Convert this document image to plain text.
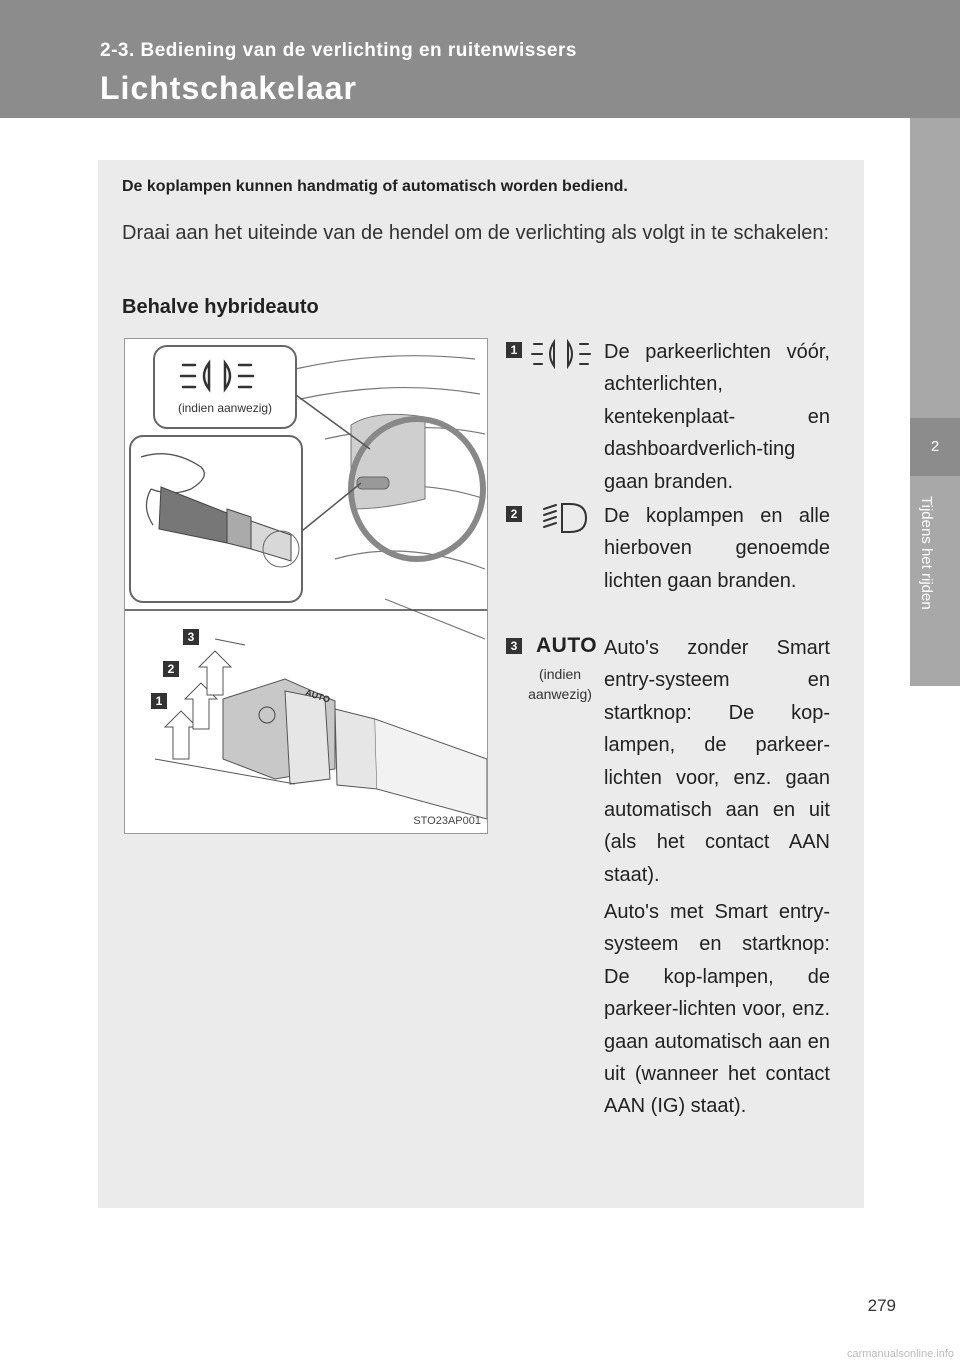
2-3. Bediening van de verlichting en ruitenwissers
Lichtschakelaar
2
Tijdens het rijden
De koplampen kunnen handmatig of automatisch worden bediend.
Draai aan het uiteinde van de hendel om de verlichting als volgt in te schakelen:
Behalve hybrideauto
3
2
1	AUTO
(indien aanwezig)
STO23AP001
1	De parkeerlichten vóór, achterlichten, kentekenplaat- en dashboardverlich-ting gaan branden.
2	De koplampen en alle hierboven genoemde lichten gaan branden.
3 AUTO
(indien aanwezig)
Auto's zonder Smart entry-systeem en startknop: De kop-lampen, de parkeer-lichten voor, enz. gaan automatisch aan en uit (als het contact AAN staat).
Auto's met Smart entry-systeem en startknop: De kop-lampen, de parkeer-lichten voor, enz. gaan automatisch aan en uit (wanneer het contact AAN (IG) staat).
279
carmanualsonline.info
